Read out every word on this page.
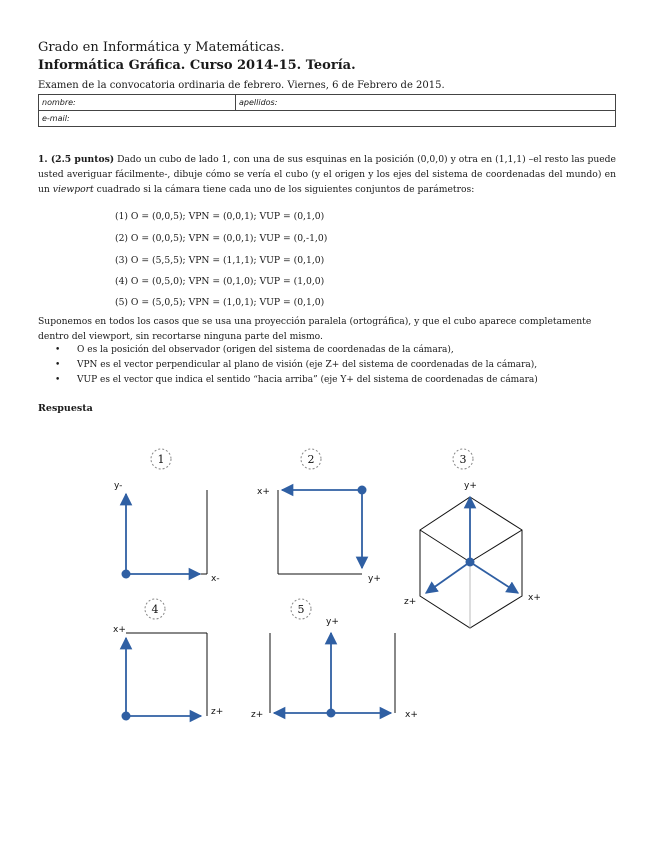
Grado en Informática y Matemáticas.
Informática Gráfica. Curso 2014-15. Teoría.
Examen de la convocatoria ordinaria de febrero. Viernes, 6 de Febrero de 2015.
nombre:	apellidos:
e-mail:
1. (2.5 puntos) Dado un cubo de lado 1, con una de sus esquinas en la posición (0,0,0) y otra en (1,1,1) –el resto las puede usted averiguar fácilmente-, dibuje cómo se vería el cubo (y el origen y los ejes del sistema de coordenadas del mundo) en un viewport cuadrado si la cámara tiene cada uno de los siguientes conjuntos de parámetros:
(1) O = (0,0,5); VPN = (0,0,1); VUP = (0,1,0)
(2) O = (0,0,5); VPN = (0,0,1); VUP = (0,-1,0)
(3) O = (5,5,5); VPN = (1,1,1); VUP = (0,1,0)
(4) O = (0,5,0); VPN = (0,1,0); VUP = (1,0,0)
(5) O = (5,0,5); VPN = (1,0,1); VUP = (0,1,0)
Suponemos en todos los casos que se usa una proyección paralela (ortográfica), y que el cubo aparece completamente dentro del viewport, sin recortarse ninguna parte del mismo.
• O es la posición del observador (origen del sistema de coordenadas de la cámara),
• VPN es el vector perpendicular al plano de visión (eje Z+ del sistema de coordenadas de la cámara),
• VUP es el vector que indica el sentido “hacia arriba” (eje Y+ del sistema de coordenadas de cámara)
Respuesta
1	2	3
4	5
y-
x-
x+
y+
y+
z+	x+
x+
z+
y+
z+	x+
